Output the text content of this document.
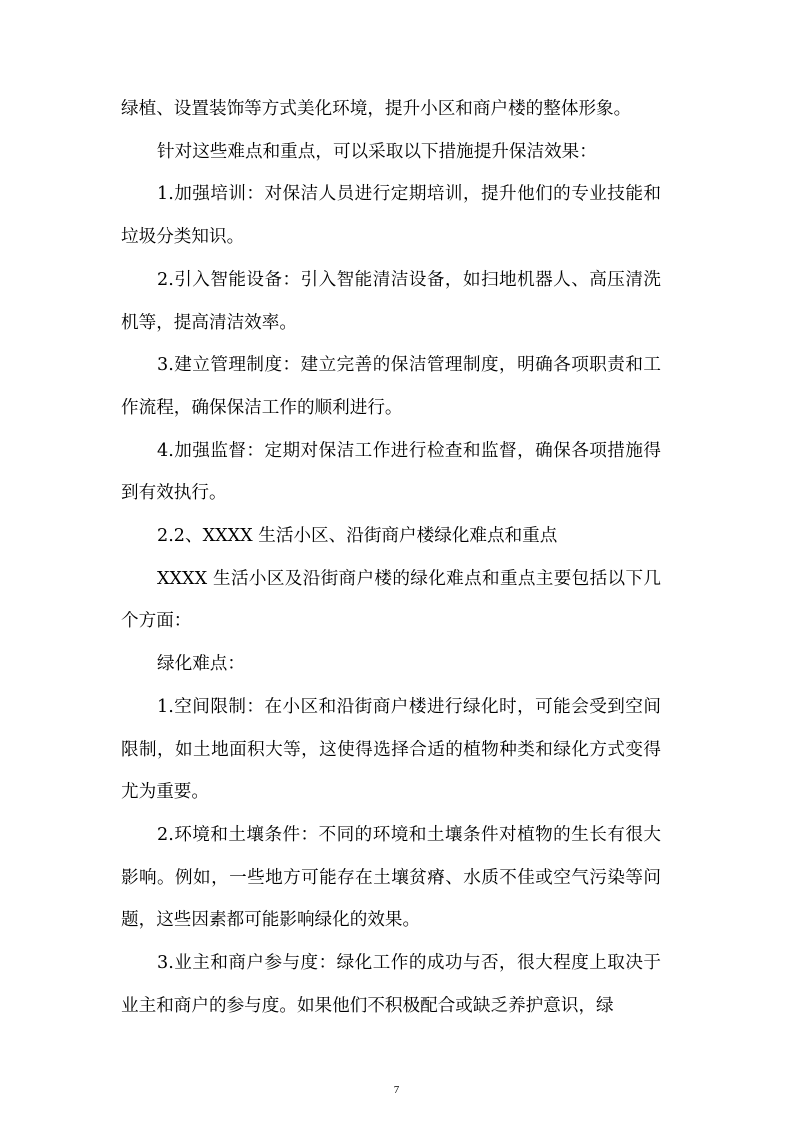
绿植、设置装饰等方式美化环境，提升小区和商户楼的整体形象。

针对这些难点和重点，可以采取以下措施提升保洁效果：

1.加强培训：对保洁人员进行定期培训，提升他们的专业技能和垃圾分类知识。

2.引入智能设备：引入智能清洁设备，如扫地机器人、高压清洗机等，提高清洁效率。

3.建立管理制度：建立完善的保洁管理制度，明确各项职责和工作流程，确保保洁工作的顺利进行。

4.加强监督：定期对保洁工作进行检查和监督，确保各项措施得到有效执行。

2.2、XXXX 生活小区、沿街商户楼绿化难点和重点

XXXX 生活小区及沿街商户楼的绿化难点和重点主要包括以下几个方面：

绿化难点：

1.空间限制：在小区和沿街商户楼进行绿化时，可能会受到空间限制，如土地面积大等，这使得选择合适的植物种类和绿化方式变得尤为重要。

2.环境和土壤条件：不同的环境和土壤条件对植物的生长有很大影响。例如，一些地方可能存在土壤贫瘠、水质不佳或空气污染等问题，这些因素都可能影响绿化的效果。

3.业主和商户参与度：绿化工作的成功与否，很大程度上取决于业主和商户的参与度。如果他们不积极配合或缺乏养护意识，绿

7
